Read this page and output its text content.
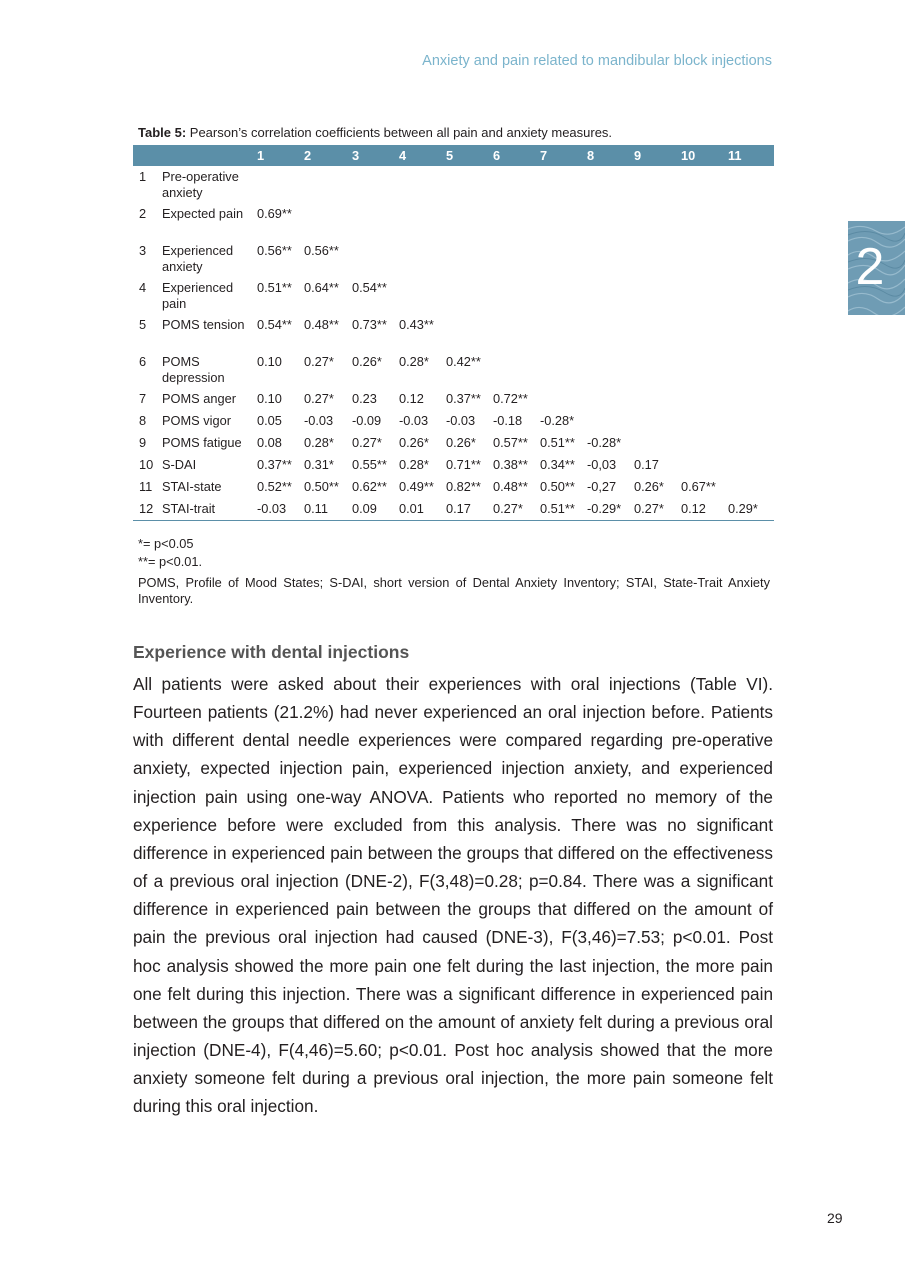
Anxiety and pain related to mandibular block injections
2
Table 5: Pearson’s correlation coefficients between all pain and anxiety measures.
		1	2	3	4	5	6	7	8	9	10	11
1	Pre-operative anxiety											
2	Expected pain	0.69**										
3	Experienced anxiety	0.56**	0.56**									
4	Experienced pain	0.51**	0.64**	0.54**								
5	POMS tension	0.54**	0.48**	0.73**	0.43**							
6	POMS depression	0.10	0.27*	0.26*	0.28*	0.42**						
7	POMS anger	0.10	0.27*	0.23	0.12	0.37**	0.72**					
8	POMS vigor	0.05	-0.03	-0.09	-0.03	-0.03	-0.18	-0.28*				
9	POMS fatigue	0.08	0.28*	0.27*	0.26*	0.26*	0.57**	0.51**	-0.28*			
10	S-DAI	0.37**	0.31*	0.55**	0.28*	0.71**	0.38**	0.34**	-0,03	0.17		
11	STAI-state	0.52**	0.50**	0.62**	0.49**	0.82**	0.48**	0.50**	-0,27	0.26*	0.67**	
12	STAI-trait	-0.03	0.11	0.09	0.01	0.17	0.27*	0.51**	-0.29*	0.27*	0.12	0.29*
*= p<0.05
**= p<0.01.
POMS, Profile of Mood States; S-DAI, short version of Dental Anxiety Inventory; STAI, State-Trait Anxiety Inventory.
Experience with dental injections
All patients were asked about their experiences with oral injections (Table VI). Fourteen patients (21.2%) had never experienced an oral injection before. Patients with different dental needle experiences were compared regarding pre-operative anxiety, expected injection pain, experienced injection anxiety, and experienced injection pain using one-way ANOVA. Patients who reported no memory of the experience before were excluded from this analysis. There was no significant difference in experienced pain between the groups that differed on the effectiveness of a previous oral injection (DNE-2), F(3,48)=0.28; p=0.84. There was a significant difference in experienced pain between the groups that differed on the amount of pain the previous oral injection had caused (DNE-3), F(3,46)=7.53; p<0.01. Post hoc analysis showed the more pain one felt during the last injection, the more pain one felt during this injection. There was a significant difference in experienced pain between the groups that differed on the amount of anxiety felt during a previous oral injection (DNE-4), F(4,46)=5.60; p<0.01. Post hoc analysis showed that the more anxiety someone felt during a previous oral injection, the more pain someone felt during this oral injection.
29
